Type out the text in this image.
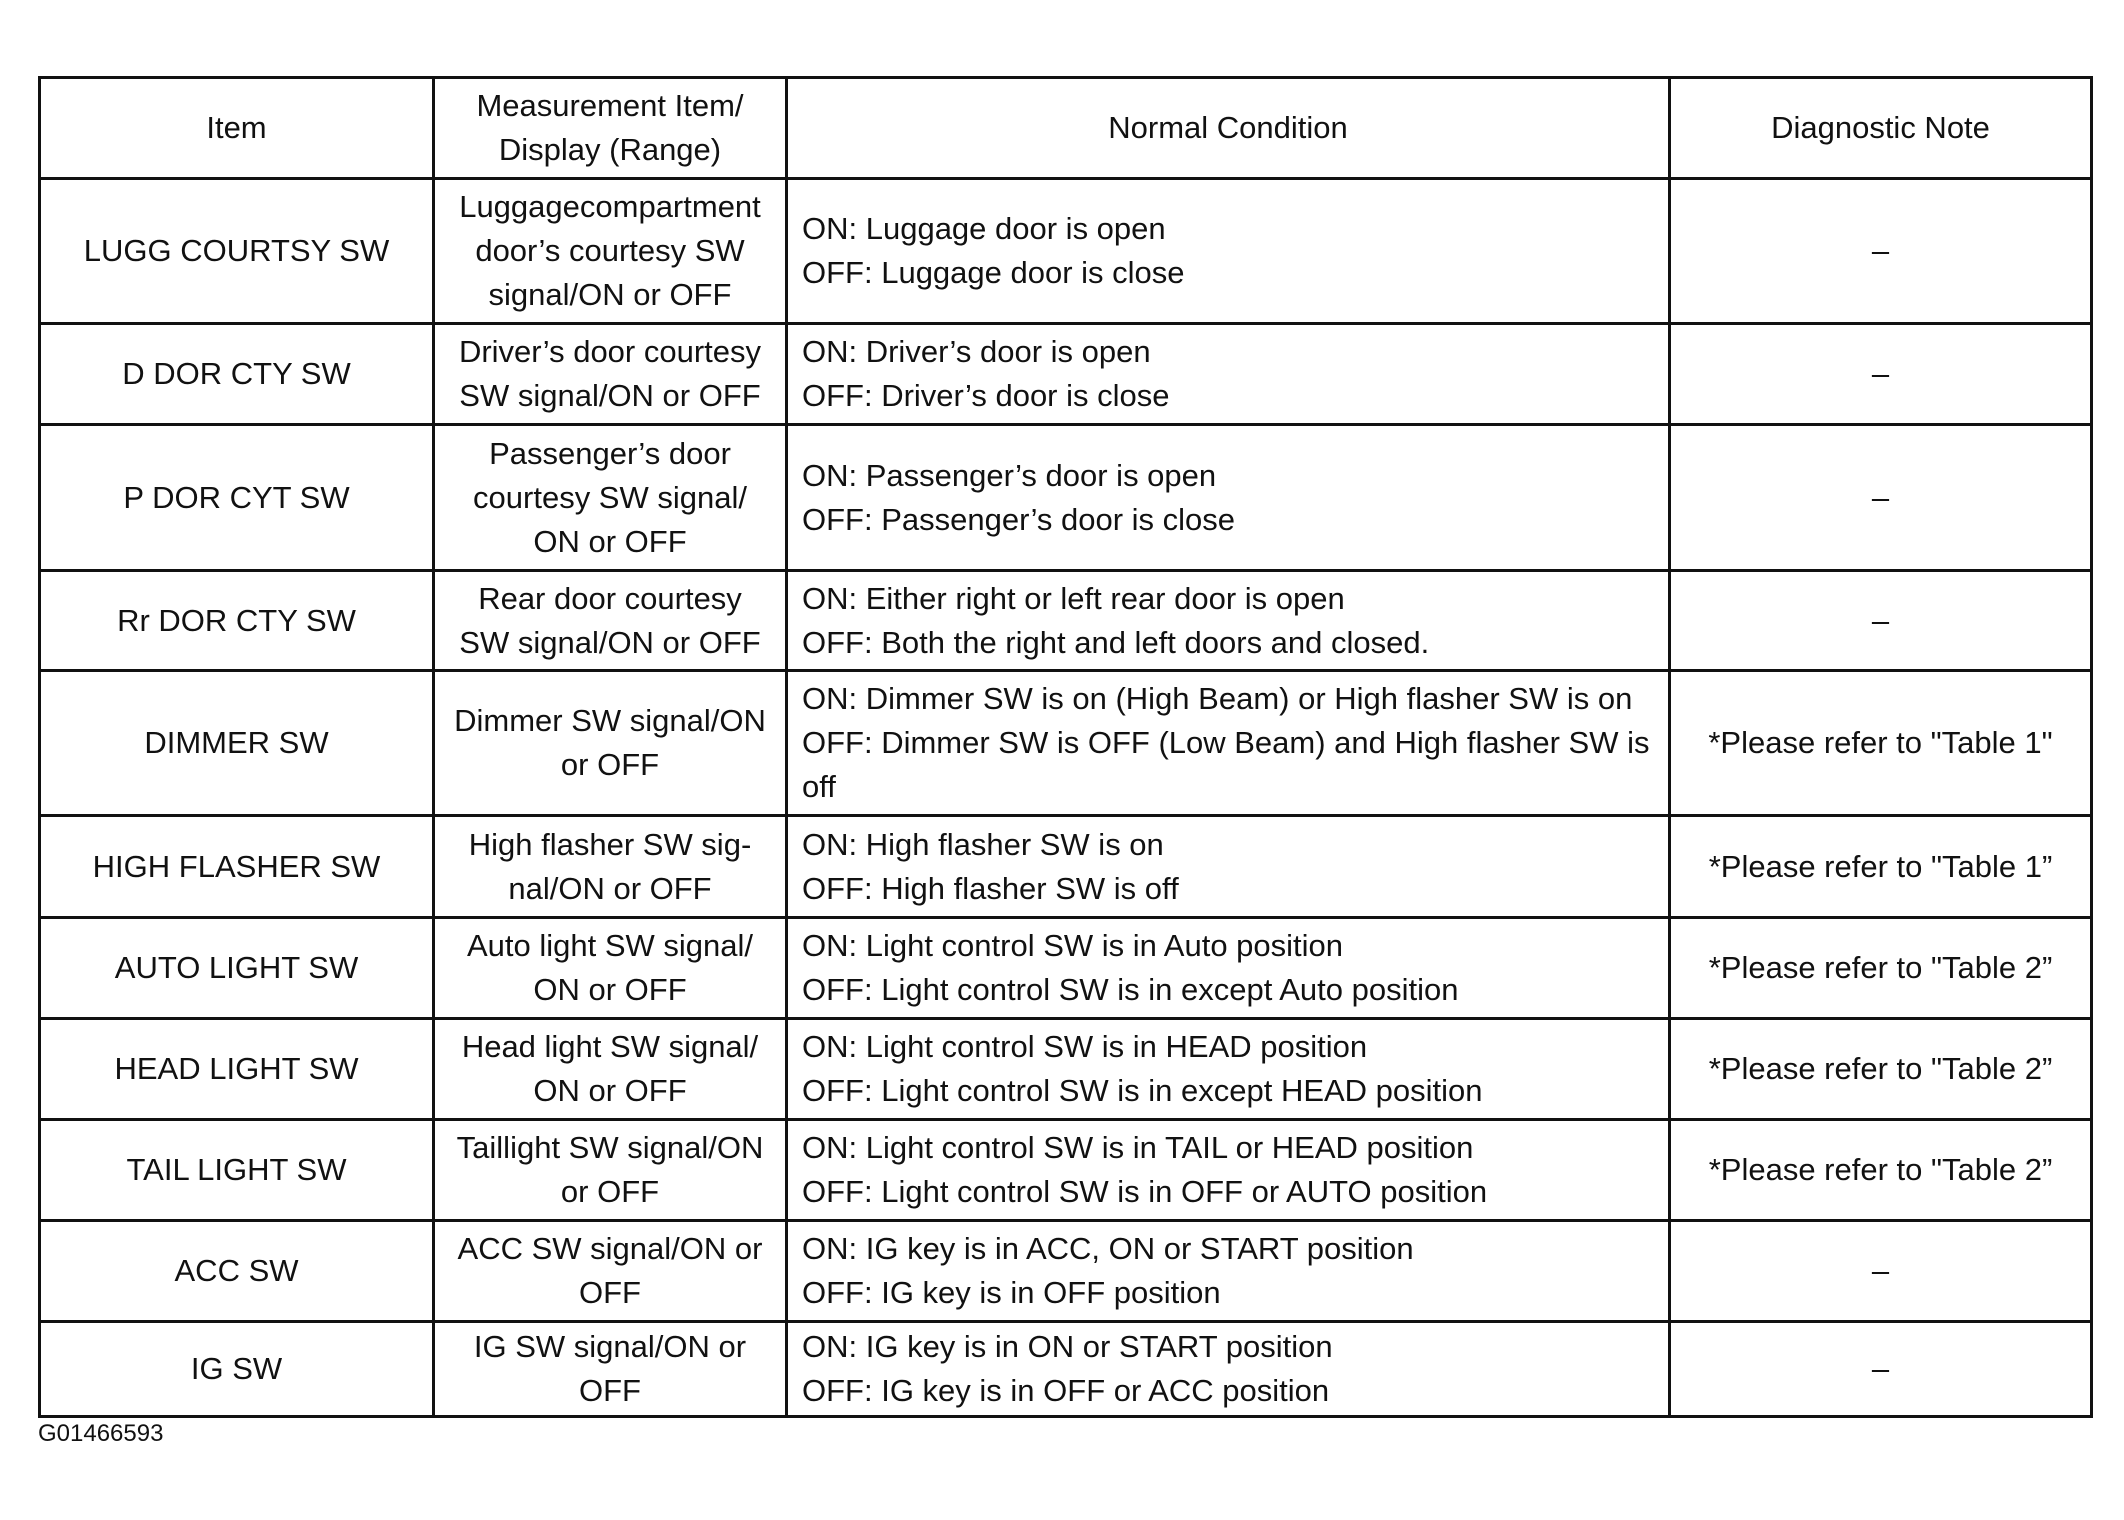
Item	Measurement Item/
Display (Range)	Normal Condition	Diagnostic Note
LUGG COURTSY SW	Luggagecompartment
door’s courtesy SW
signal/ON or OFF	ON: Luggage door is open
OFF: Luggage door is close	–
D DOR CTY SW	Driver’s door courtesy
SW signal/ON or OFF	ON: Driver’s door is open
OFF: Driver’s door is close	–
P DOR CYT SW	Passenger’s door
courtesy SW signal/
ON or OFF	ON: Passenger’s door is open
OFF: Passenger’s door is close	–
Rr DOR CTY SW	Rear door courtesy
SW signal/ON or OFF	ON: Either right or left rear door is open
OFF: Both the right and left doors and closed.	–
DIMMER SW	Dimmer SW signal/ON
or OFF	ON: Dimmer SW is on (High Beam) or High flasher SW is on
OFF: Dimmer SW is OFF (Low Beam) and High flasher SW is off	*Please refer to "Table 1"
HIGH FLASHER SW	High flasher SW sig-
nal/ON or OFF	ON: High flasher SW is on
OFF: High flasher SW is off	*Please refer to "Table 1”
AUTO LIGHT SW	Auto light SW signal/
ON or OFF	ON: Light control SW is in Auto position
OFF: Light control SW is in except Auto position	*Please refer to "Table 2”
HEAD LIGHT SW	Head light SW signal/
ON or OFF	ON: Light control SW is in HEAD position
OFF: Light control SW is in except HEAD position	*Please refer to "Table 2”
TAIL LIGHT SW	Taillight SW signal/ON
or OFF	ON: Light control SW is in TAIL or HEAD position
OFF: Light control SW is in OFF or AUTO position	*Please refer to "Table 2”
ACC SW	ACC SW signal/ON or
OFF	ON: IG key is in ACC, ON or START position
OFF: IG key is in OFF position	–
IG SW	IG SW signal/ON or
OFF	ON: IG key is in ON or START position
OFF: IG key is in OFF or ACC position	–
G01466593
